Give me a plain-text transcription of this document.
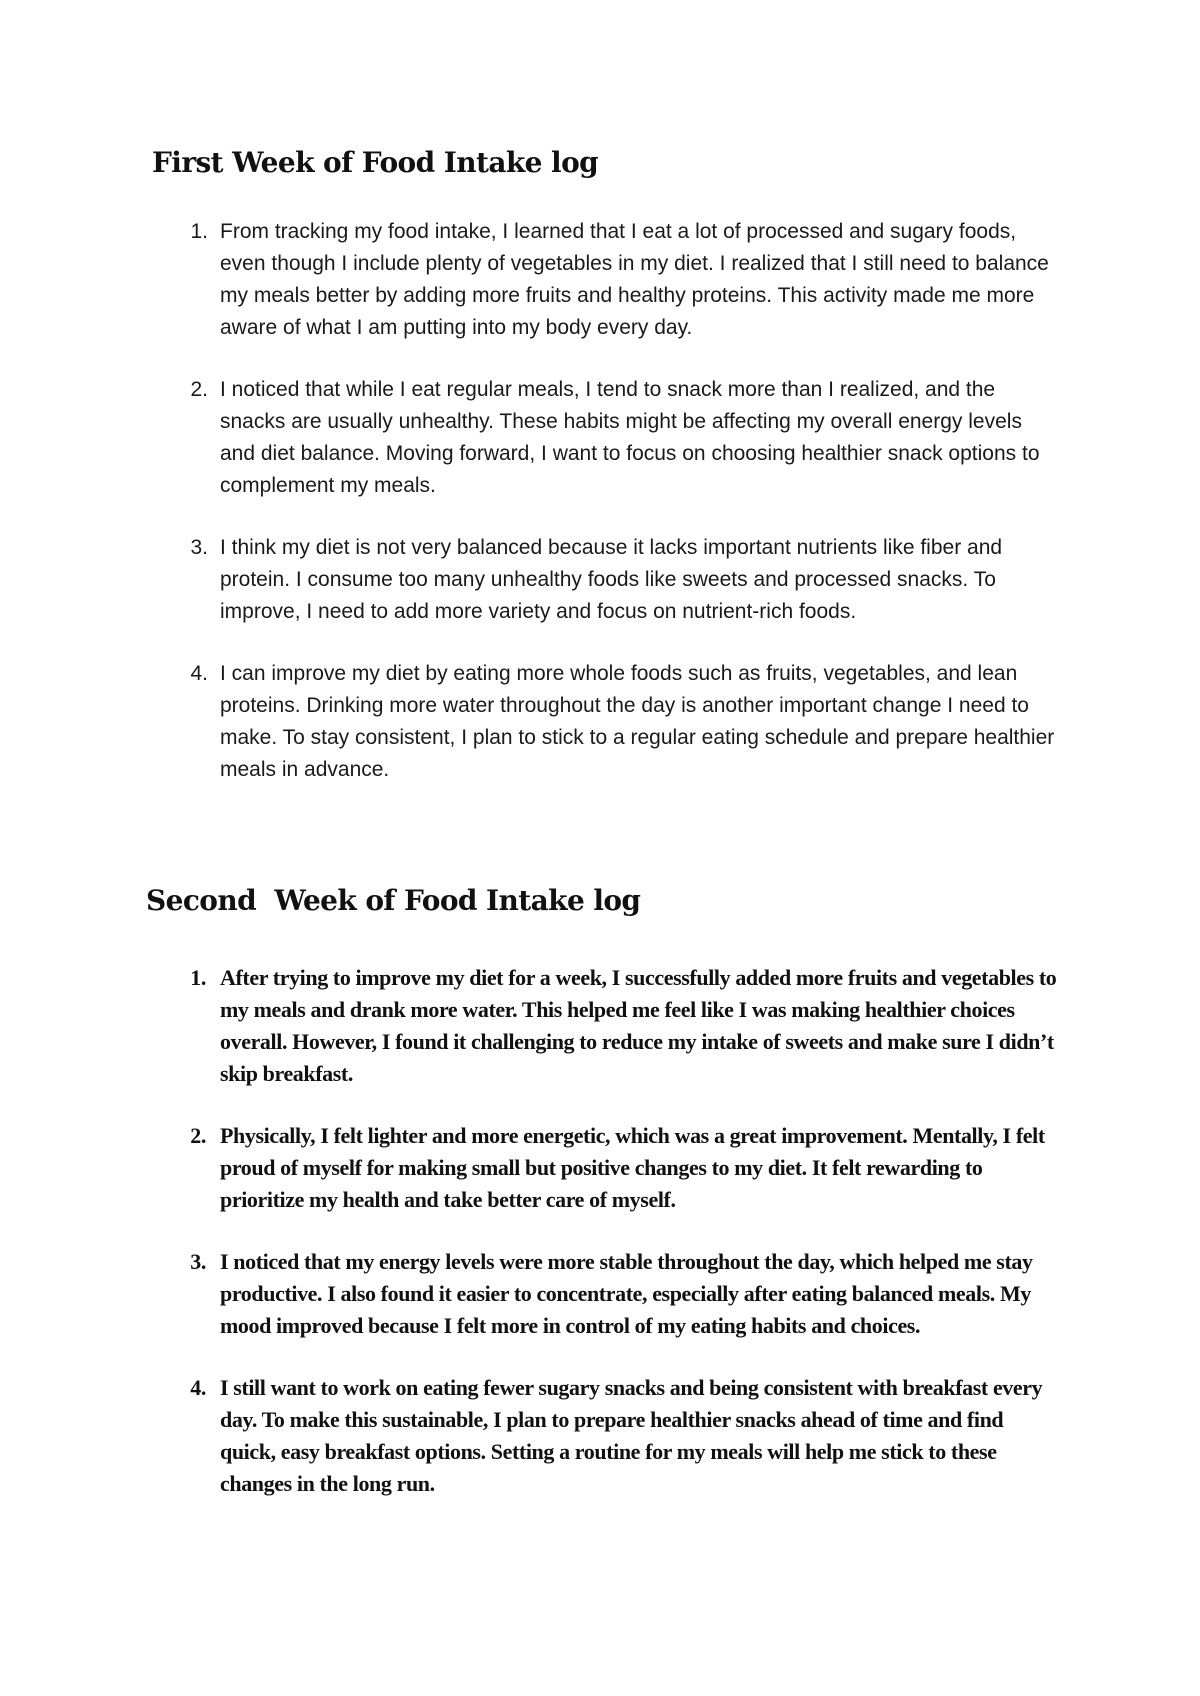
First Week of Food Intake log
1. From tracking my food intake, I learned that I eat a lot of processed and sugary foods, even though I include plenty of vegetables in my diet. I realized that I still need to balance my meals better by adding more fruits and healthy proteins. This activity made me more aware of what I am putting into my body every day.
2. I noticed that while I eat regular meals, I tend to snack more than I realized, and the snacks are usually unhealthy. These habits might be affecting my overall energy levels and diet balance. Moving forward, I want to focus on choosing healthier snack options to complement my meals.
3. I think my diet is not very balanced because it lacks important nutrients like fiber and protein. I consume too many unhealthy foods like sweets and processed snacks. To improve, I need to add more variety and focus on nutrient-rich foods.
4. I can improve my diet by eating more whole foods such as fruits, vegetables, and lean proteins. Drinking more water throughout the day is another important change I need to make. To stay consistent, I plan to stick to a regular eating schedule and prepare healthier meals in advance.
Second  Week of Food Intake log
1. After trying to improve my diet for a week, I successfully added more fruits and vegetables to my meals and drank more water. This helped me feel like I was making healthier choices overall. However, I found it challenging to reduce my intake of sweets and make sure I didn’t skip breakfast.
2. Physically, I felt lighter and more energetic, which was a great improvement. Mentally, I felt proud of myself for making small but positive changes to my diet. It felt rewarding to prioritize my health and take better care of myself.
3. I noticed that my energy levels were more stable throughout the day, which helped me stay productive. I also found it easier to concentrate, especially after eating balanced meals. My mood improved because I felt more in control of my eating habits and choices.
4. I still want to work on eating fewer sugary snacks and being consistent with breakfast every day. To make this sustainable, I plan to prepare healthier snacks ahead of time and find quick, easy breakfast options. Setting a routine for my meals will help me stick to these changes in the long run.
